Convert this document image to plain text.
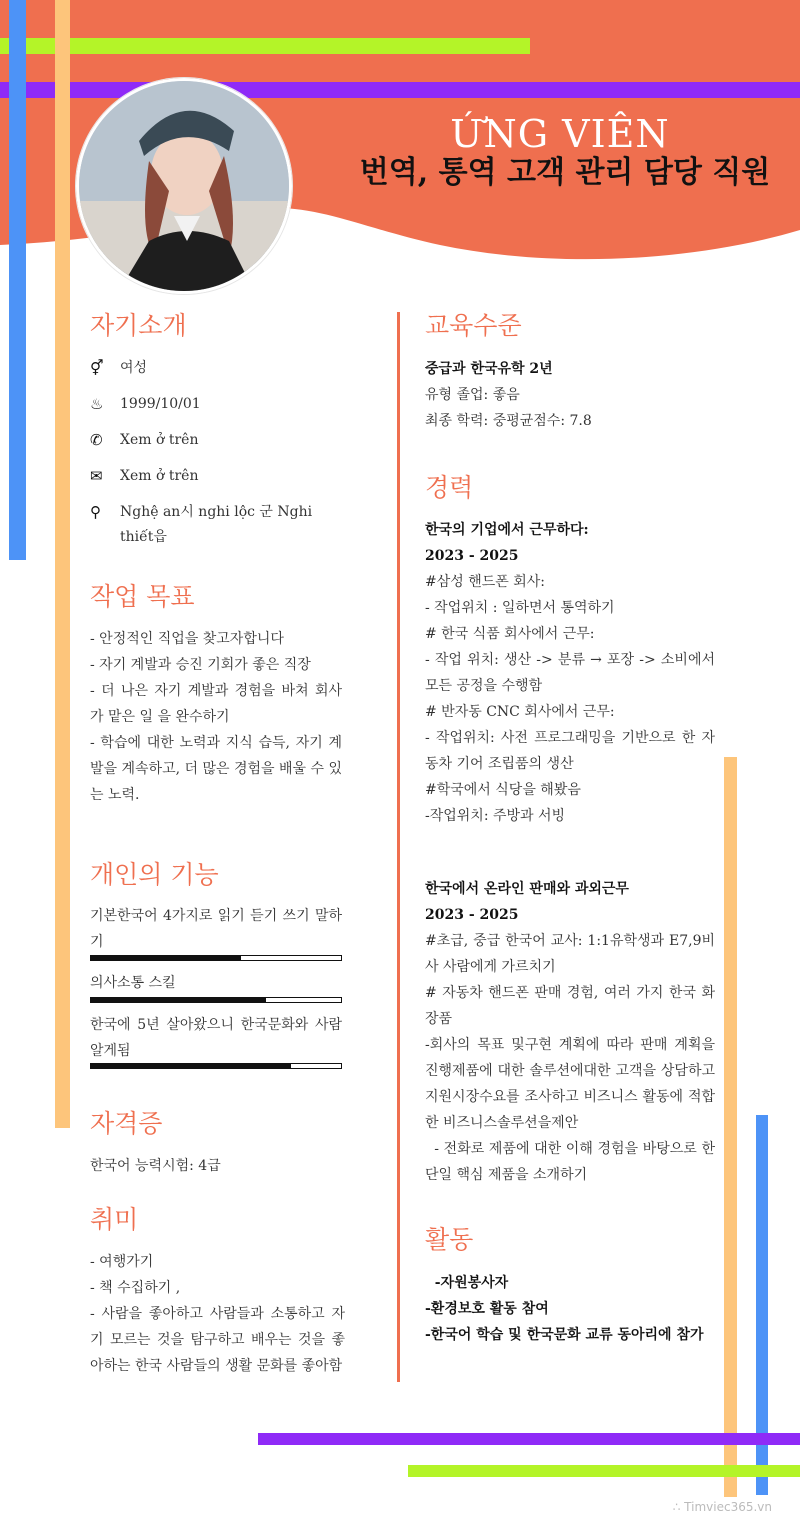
ỨNG VIÊN
번역, 통역 고객 관리 담당 직원
자기소개
⚥ 여성
♨ 1999/10/01
✆ Xem ở trên
✉ Xem ở trên
⚲ Nghệ an시 nghi lộc 군 Nghi thiết읍
작업 목표
- 안정적인 직업을 찾고자합니다
- 자기 계발과 승진 기회가 좋은 직장
- 더 나은 자기 계발과 경험을 바쳐 회사가 맡은 일 을 완수하기
- 학습에 대한 노력과 지식 습득, 자기 계발을 계속하고, 더 많은 경험을 배울 수 있는 노력.
개인의 기능
기본한국어 4가지로 읽기 듣기 쓰기 말하기
의사소통 스킬
한국에 5년 살아왔으니 한국문화와 사람 알게됨
자격증
한국어 능력시험: 4급
취미
- 여행가기
- 책 수집하기 ,
- 사람을 좋아하고 사람들과 소통하고 자기 모르는 것을 탐구하고 배우는 것을 좋아하는 한국 사람들의 생활 문화를 좋아함
교육수준
중급과 한국유학 2년
유형 졸업: 좋음
최종 학력: 중평균점수: 7.8
경력
한국의 기업에서 근무하다:
2023 - 2025
#삼성 핸드폰 회사:
- 작업위치 : 일하면서 통역하기
# 한국 식품 회사에서 근무:
- 작업 위치: 생산 -> 분류 → 포장 -> 소비에서 모든 공정을 수행함
# 반자동 CNC 회사에서 근무:
- 작업위치: 사전 프로그래밍을 기반으로 한 자동차 기어 조립품의 생산
#학국에서 식당을 해봤음
-작업위치: 주방과 서빙
한국에서 온라인 판매와 과외근무
2023 - 2025
#초급, 중급 한국어 교사: 1:1유학생과 E7,9비사 사람에게 가르치기
# 자동차 핸드폰 판매 경험, 여러 가지 한국 화장품
-회사의 목표 및구현 계획에 따라 판매 계획을 진행제품에 대한 솔루션에대한 고객을 상담하고 지원시장수요를 조사하고 비즈니스 활동에 적합한 비즈니스솔루션을제안
- 전화로 제품에 대한 이해 경험을 바탕으로 한 단일 핵심 제품을 소개하기
활동
-자원봉사자
-환경보호 활동 참여
-한국어 학습 및 한국문화 교류 동아리에 참가
∴ Timviec365.vn
